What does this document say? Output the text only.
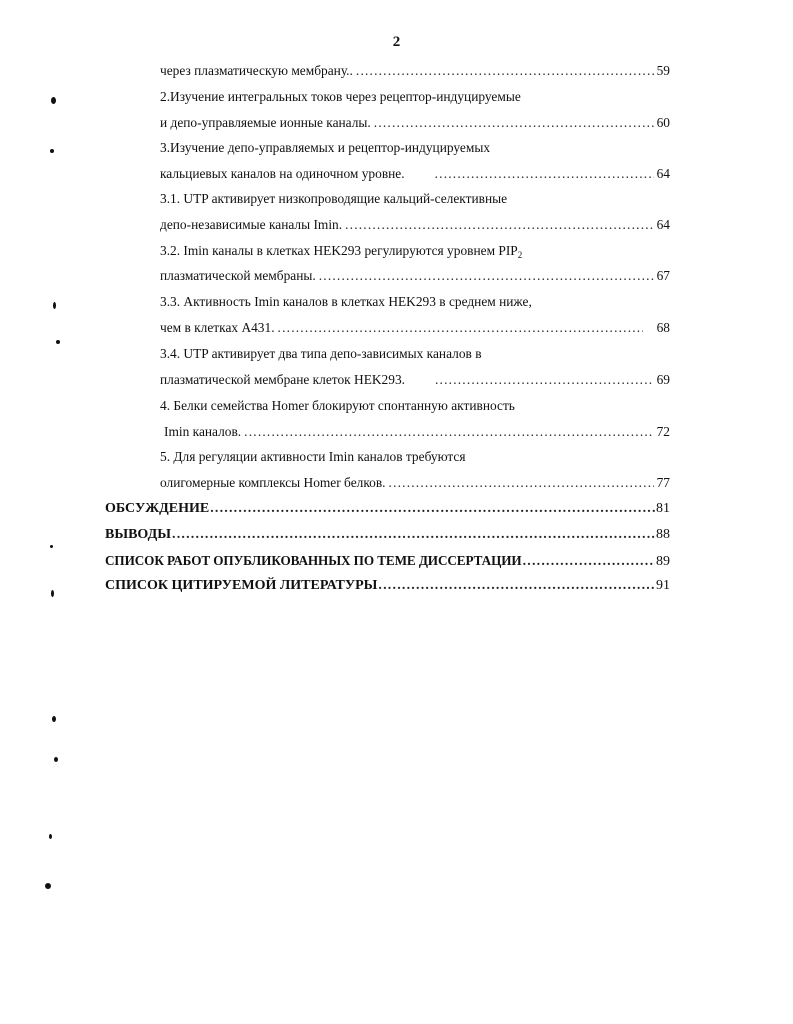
2
через плазматическую мембрану.. .....	59
2.Изучение интегральных токов через рецептор-индуцируемые
и депо-управляемые ионные каналы. .....	60
3.Изучение депо-управляемых и рецептор-индуцируемых
кальциевых каналов на одиночном уровне. .....	64
3.1. UTP активирует низкопроводящие кальций-селективные
депо-независимые каналы Imin. .....	64
3.2. Imin каналы в клетках HEK293 регулируются уровнем $PIP_2$
плазматической мембраны. .....	67
3.3. Активность Imin каналов в клетках HEK293 в среднем ниже,
чем в клетках A431. .....	68
3.4. UTP активирует два типа депо-зависимых каналов в
плазматической мембране клеток HEK293. .....	69
4. Белки семейства Homer блокируют спонтанную активность
Imin каналов. .....	72
5. Для регуляции активности Imin каналов требуются
олигомерные комплексы Homer белков. .....	77
ОБСУЖДЕНИЕ .....	81
ВЫВОДЫ .....	88
СПИСОК РАБОТ ОПУБЛИКОВАННЫХ ПО ТЕМЕ ДИССЕРТАЦИИ .....	89
СПИСОК ЦИТИРУЕМОЙ ЛИТЕРАТУРЫ .....	91
